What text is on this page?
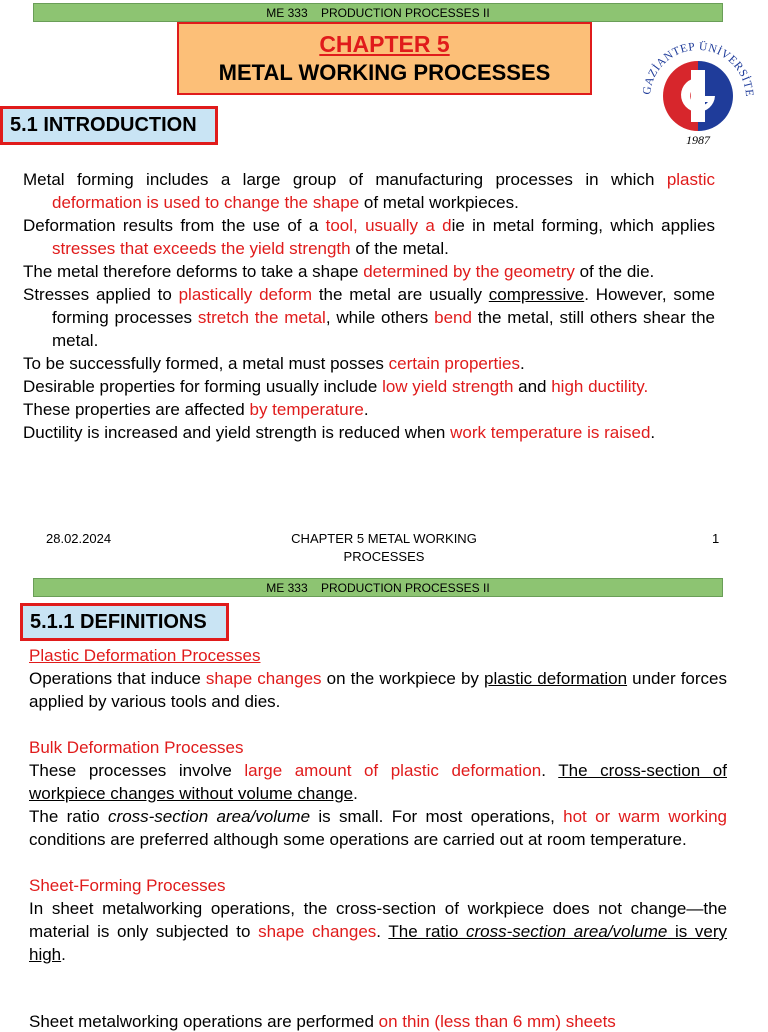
ME 333    PRODUCTION PROCESSES II
CHAPTER 5
METAL WORKING PROCESSES
GAZİANTEP ÜNİVERSİTE
1987
5.1 INTRODUCTION

Metal forming includes a large group of manufacturing processes in which plastic deformation is used to change the shape of metal workpieces.

Deformation results from the use of a tool, usually a die in metal forming, which applies stresses that exceeds the yield strength of the metal.

The metal therefore deforms to take a shape determined by the geometry of the die.

Stresses applied to plastically deform the metal are usually compressive. However, some forming processes stretch the metal, while others bend the metal, still others shear the metal.

To be successfully formed, a metal must posses certain properties.

Desirable properties for forming usually include low yield strength and high ductility.

These properties are affected by temperature.

Ductility is increased and yield strength is reduced when work temperature is raised.

28.02.2024	CHAPTER 5 METAL WORKING
PROCESSES
1
ME 333    PRODUCTION PROCESSES II
5.1.1 DEFINITIONS

Plastic Deformation Processes

Operations that induce shape changes on the workpiece by plastic deformation under forces applied by various tools and dies.

Bulk Deformation Processes

These processes involve large amount of plastic deformation. The cross-section of workpiece changes without volume change.

The ratio cross-section area/volume is small. For most operations, hot or warm working conditions are preferred although some operations are carried out at room temperature.

Sheet-Forming Processes

In sheet metalworking operations, the cross-section of workpiece does not change—the material is only subjected to shape changes. The ratio cross-section area/volume is very high.

Sheet metalworking operations are performed on thin (less than 6 mm) sheets
